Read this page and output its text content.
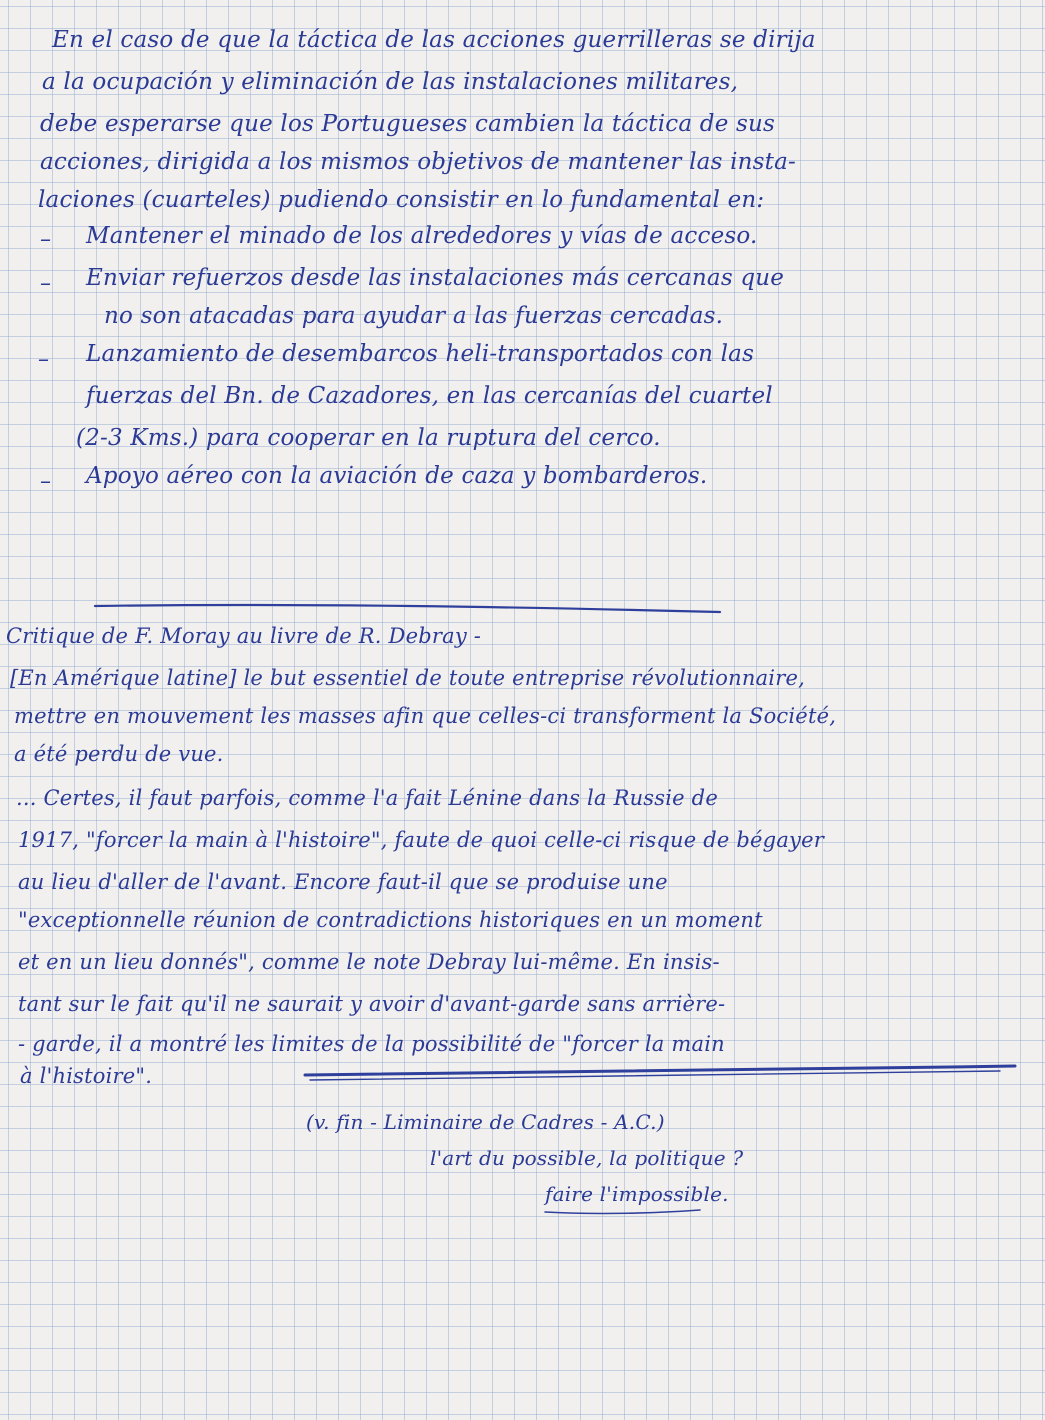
En el caso de que la táctica de las acciones guerrilleras se dirija
a la ocupación y eliminación de las instalaciones militares,
debe esperarse que los Portugueses cambien la táctica de sus
acciones, dirigida a los mismos objetivos de mantener las insta-
laciones (cuarteles) pudiendo consistir en lo fundamental en:
– Mantener el minado de los alrededores y vías de acceso.
– Enviar refuerzos desde las instalaciones más cercanas que
no son atacadas para ayudar a las fuerzas cercadas.
– Lanzamiento de desembarcos heli-transportados con las
fuerzas del Bn. de Cazadores, en las cercanías del cuartel
(2-3 Kms.) para cooperar en la ruptura del cerco.
– Apoyo aéreo con la aviación de caza y bombarderos.
Critique de F. Moray au livre de R. Debray -
[En Amérique latine] le but essentiel de toute entreprise révolutionnaire,
mettre en mouvement les masses afin que celles-ci transforment la Société,
a été perdu de vue.
... Certes, il faut parfois, comme l'a fait Lénine dans la Russie de
1917, "forcer la main à l'histoire", faute de quoi celle-ci risque de bégayer
au lieu d'aller de l'avant. Encore faut-il que se produise une
"exceptionnelle réunion de contradictions historiques en un moment
et en un lieu donnés", comme le note Debray lui-même. En insis-
tant sur le fait qu'il ne saurait y avoir d'avant-garde sans arrière-
- garde, il a montré les limites de la possibilité de "forcer la main
à l'histoire".
(v. fin - Liminaire de Cadres - A.C.)
l'art du possible, la politique ?
faire l'impossible.
